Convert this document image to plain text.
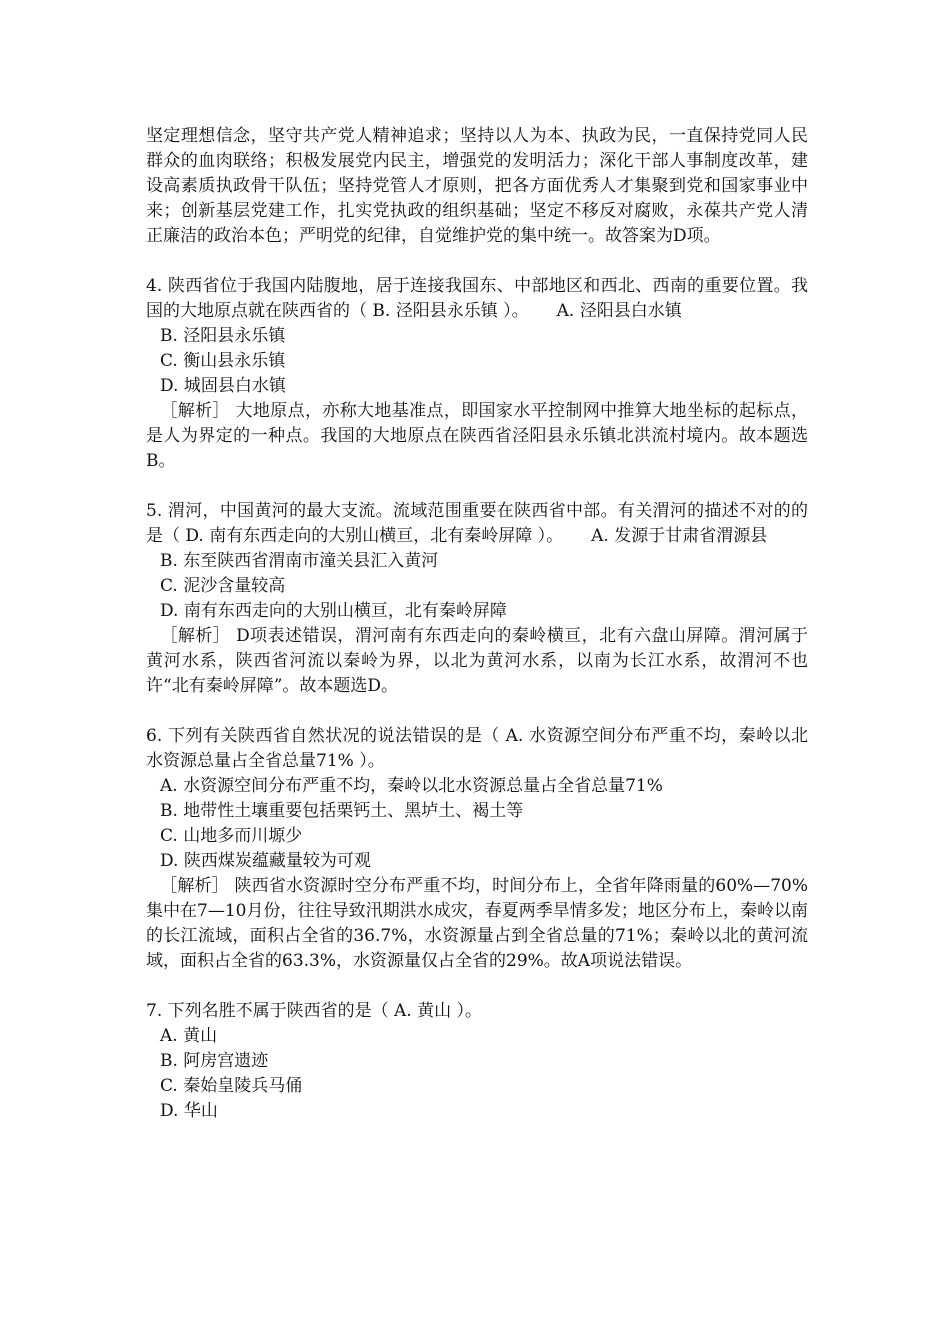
坚定理想信念，坚守共产党人精神追求；坚持以人为本、执政为民，一直保持党同人民群众的血肉联络；积极发展党内民主，增强党的发明活力；深化干部人事制度改革，建设高素质执政骨干队伍；坚持党管人才原则，把各方面优秀人才集聚到党和国家事业中来；创新基层党建工作，扎实党执政的组织基础；坚定不移反对腐败，永葆共产党人清正廉洁的政治本色；严明党的纪律，自觉维护党的集中统一。故答案为D项。

4. 陕西省位于我国内陆腹地，居于连接我国东、中部地区和西北、西南的重要位置。我国的大地原点就在陕西省的（ B. 泾阳县永乐镇 ）。 A. 泾阳县白水镇

B. 泾阳县永乐镇

C. 衡山县永乐镇

D. 城固县白水镇

［解析］ 大地原点，亦称大地基准点，即国家水平控制网中推算大地坐标的起标点，是人为界定的一种点。我国的大地原点在陕西省泾阳县永乐镇北洪流村境内。故本题选B。

5. 渭河，中国黄河的最大支流。流域范围重要在陕西省中部。有关渭河的描述不对的的是（ D. 南有东西走向的大别山横亘，北有秦岭屏障 ）。 A. 发源于甘肃省渭源县

B. 东至陕西省渭南市潼关县汇入黄河

C. 泥沙含量较高

D. 南有东西走向的大别山横亘，北有秦岭屏障

［解析］ D项表述错误，渭河南有东西走向的秦岭横亘，北有六盘山屏障。渭河属于黄河水系，陕西省河流以秦岭为界，以北为黄河水系，以南为长江水系，故渭河不也许“北有秦岭屏障”。故本题选D。

6. 下列有关陕西省自然状况的说法错误的是（ A. 水资源空间分布严重不均，秦岭以北水资源总量占全省总量71% ）。

A. 水资源空间分布严重不均，秦岭以北水资源总量占全省总量71%

B. 地带性土壤重要包括栗钙土、黑垆土、褐土等

C. 山地多而川塬少

D. 陕西煤炭蕴藏量较为可观

［解析］ 陕西省水资源时空分布严重不均，时间分布上，全省年降雨量的60%—70%集中在7—10月份，往往导致汛期洪水成灾，春夏两季旱情多发；地区分布上，秦岭以南的长江流域，面积占全省的36.7%，水资源量占到全省总量的71%；秦岭以北的黄河流域，面积占全省的63.3%，水资源量仅占全省的29%。故A项说法错误。

7. 下列名胜不属于陕西省的是（ A. 黄山 ）。

A. 黄山

B. 阿房宫遗迹

C. 秦始皇陵兵马俑

D. 华山
